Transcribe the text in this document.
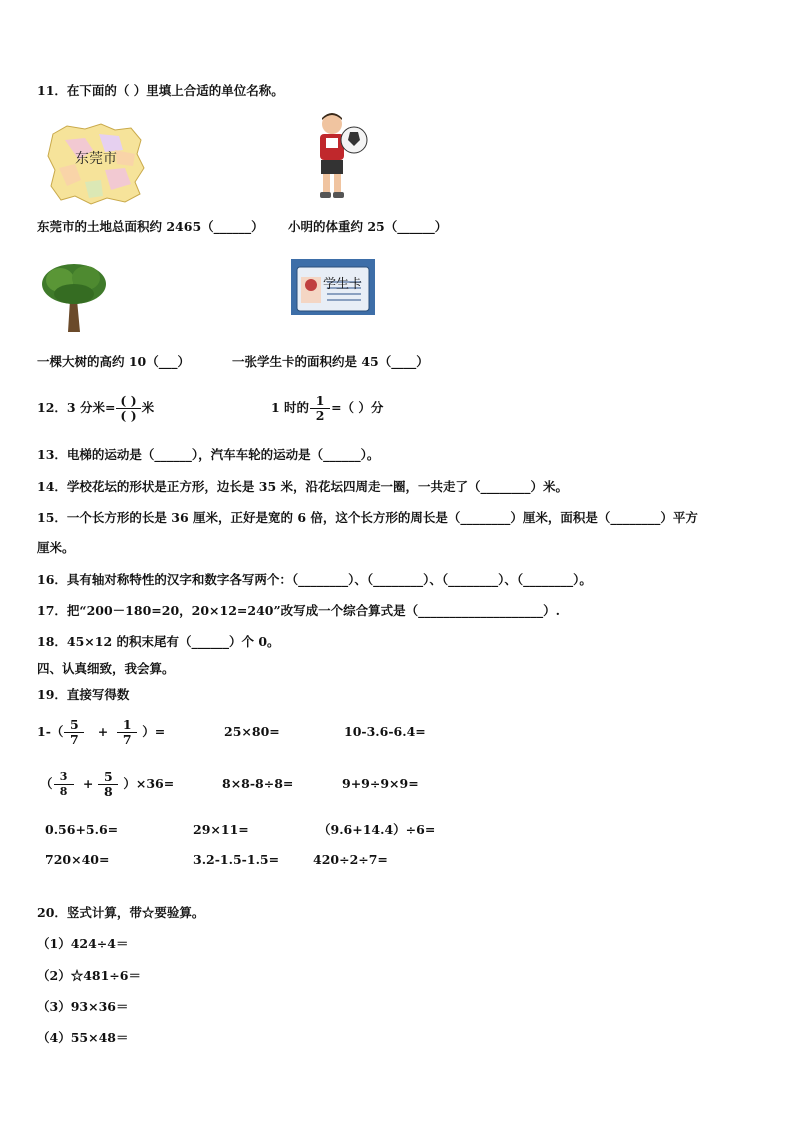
11．在下面的（ ）里填上合适的单位名称。
东莞市
东莞市的土地总面积约 2465（______） 小明的体重约 25（______）
学生卡
一棵大树的高约 10（___）	一张学生卡的面积约是 45（____）
12．3 分米= $\frac{( )}{( )}$ 米	1 时的 $\frac{1}{2}$ =（ ）分
13．电梯的运动是（______），汽车车轮的运动是（______）。
14．学校花坛的形状是正方形，边长是 35 米，沿花坛四周走一圈，一共走了（________）米。
15．一个长方形的长是 36 厘米，正好是宽的 6 倍，这个长方形的周长是（________）厘米，面积是（________）平方
厘米。
16．具有轴对称特性的汉字和数字各写两个：（________）、（________）、（________）、（________）。
17．把“200－180=20，20×12=240”改写成一个综合算式是（____________________）.
18．45×12 的积末尾有（______）个 0。
四、认真细致，我会算。
19．直接写得数
$1-( \frac{5}{7} + \frac{1}{7}$ ）=	25×80=	10-3.6-6.4=
（ $\frac{3}{8} + \frac{5}{8} )\times 36=$	8×8-8÷8=	9+9÷9×9=
0.56+5.6=	29×11=	（9.6+14.4）÷6=
720×40=	3.2-1.5-1.5=	420÷2÷7=
20．竖式计算，带☆要验算。
（1）424÷4＝
（2）☆481÷6＝
（3）93×36＝
（4）55×48＝
